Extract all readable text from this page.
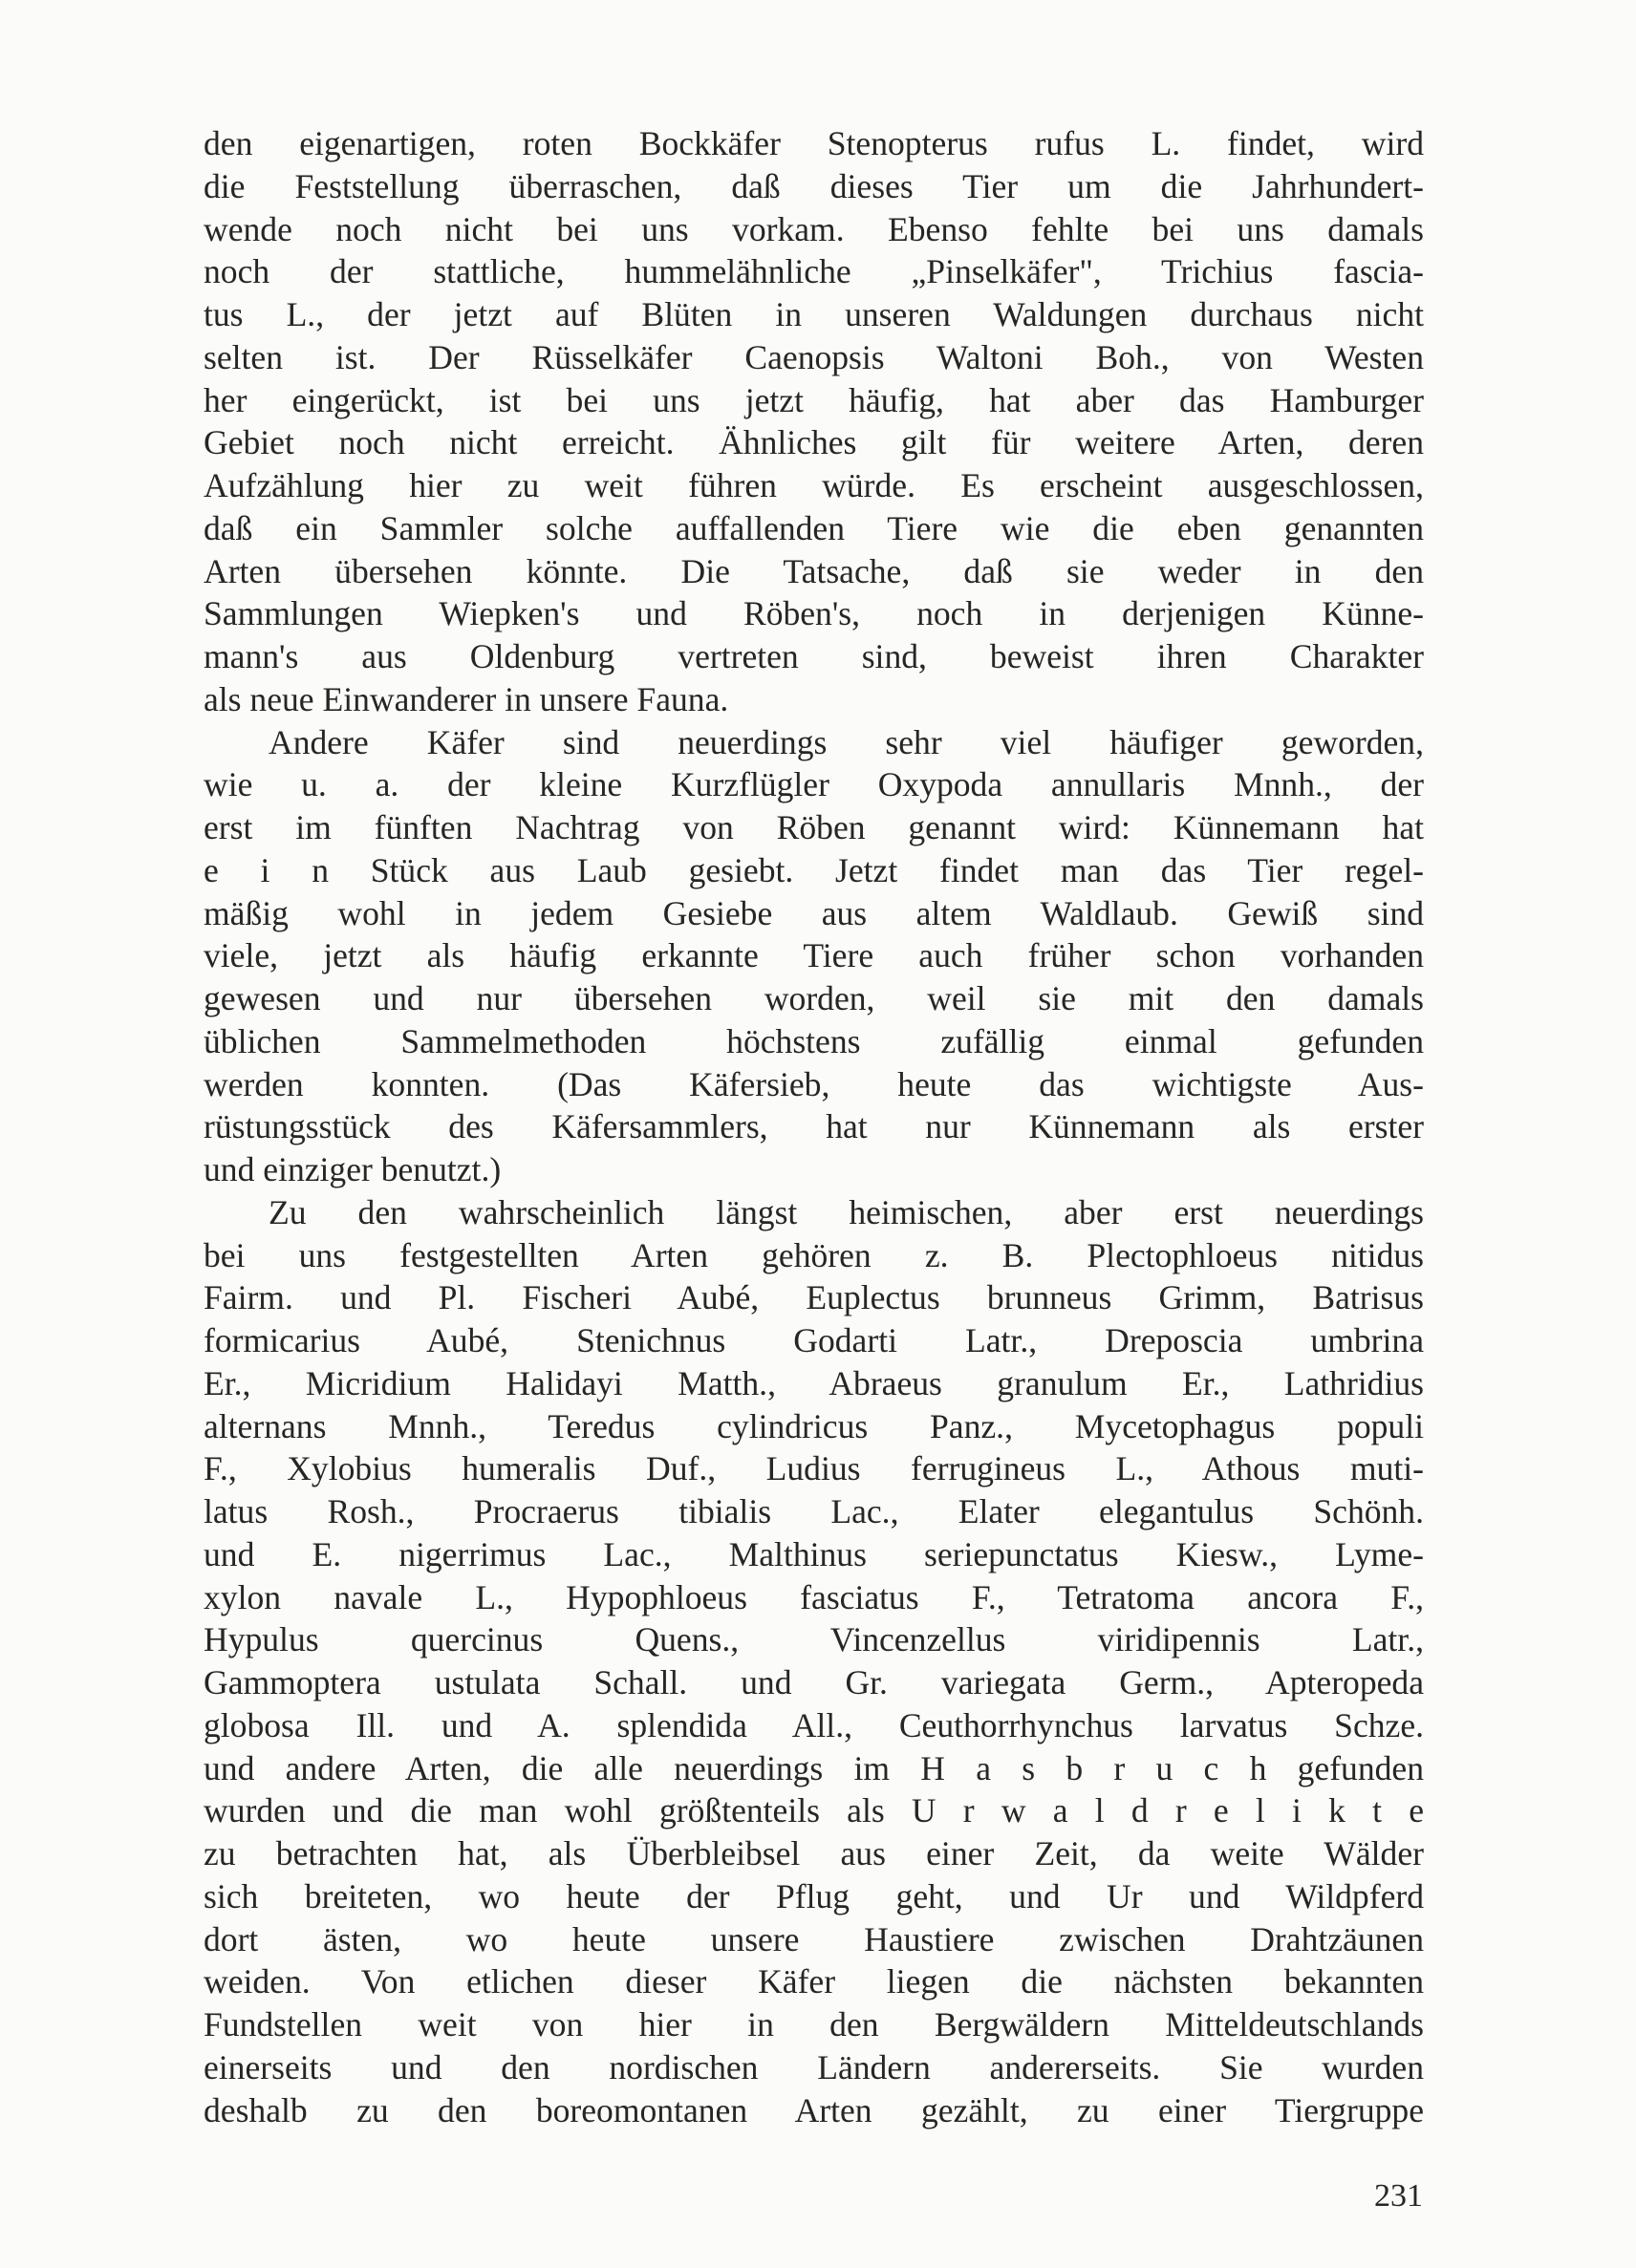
den eigenartigen, roten Bockkäfer Stenopterus rufus L. findet, wird
die Feststellung überraschen, daß dieses Tier um die Jahrhundert-
wende noch nicht bei uns vorkam. Ebenso fehlte bei uns damals
noch der stattliche, hummelähnliche „Pinselkäfer", Trichius fascia-
tus L., der jetzt auf Blüten in unseren Waldungen durchaus nicht
selten ist. Der Rüsselkäfer Caenopsis Waltoni Boh., von Westen
her eingerückt, ist bei uns jetzt häufig, hat aber das Hamburger
Gebiet noch nicht erreicht. Ähnliches gilt für weitere Arten, deren
Aufzählung hier zu weit führen würde. Es erscheint ausgeschlossen,
daß ein Sammler solche auffallenden Tiere wie die eben genannten
Arten übersehen könnte. Die Tatsache, daß sie weder in den
Sammlungen Wiepken's und Röben's, noch in derjenigen Künne-
mann's aus Oldenburg vertreten sind, beweist ihren Charakter
als neue Einwanderer in unsere Fauna.
Andere Käfer sind neuerdings sehr viel häufiger geworden,
wie u. a. der kleine Kurzflügler Oxypoda annullaris Mnnh., der
erst im fünften Nachtrag von Röben genannt wird: Künnemann hat
e i n Stück aus Laub gesiebt. Jetzt findet man das Tier regel-
mäßig wohl in jedem Gesiebe aus altem Waldlaub. Gewiß sind
viele, jetzt als häufig erkannte Tiere auch früher schon vorhanden
gewesen und nur übersehen worden, weil sie mit den damals
üblichen Sammelmethoden höchstens zufällig einmal gefunden
werden konnten. (Das Käfersieb, heute das wichtigste Aus-
rüstungsstück des Käfersammlers, hat nur Künnemann als erster
und einziger benutzt.)
Zu den wahrscheinlich längst heimischen, aber erst neuerdings
bei uns festgestellten Arten gehören z. B. Plectophloeus nitidus
Fairm. und Pl. Fischeri Aubé, Euplectus brunneus Grimm, Batrisus
formicarius Aubé, Stenichnus Godarti Latr., Dreposcia umbrina
Er., Micridium Halidayi Matth., Abraeus granulum Er., Lathridius
alternans Mnnh., Teredus cylindricus Panz., Mycetophagus populi
F., Xylobius humeralis Duf., Ludius ferrugineus L., Athous muti-
latus Rosh., Procraerus tibialis Lac., Elater elegantulus Schönh.
und E. nigerrimus Lac., Malthinus seriepunctatus Kiesw., Lyme-
xylon navale L., Hypophloeus fasciatus F., Tetratoma ancora F.,
Hypulus quercinus Quens., Vincenzellus viridipennis Latr.,
Gammoptera ustulata Schall. und Gr. variegata Germ., Apteropeda
globosa Ill. und A. splendida All., Ceuthorrhynchus larvatus Schze.
und andere Arten, die alle neuerdings im H a s b r u c h gefunden
wurden und die man wohl größtenteils als U r w a l d r e l i k t e
zu betrachten hat, als Überbleibsel aus einer Zeit, da weite Wälder
sich breiteten, wo heute der Pflug geht, und Ur und Wildpferd
dort ästen, wo heute unsere Haustiere zwischen Drahtzäunen
weiden. Von etlichen dieser Käfer liegen die nächsten bekannten
Fundstellen weit von hier in den Bergwäldern Mitteldeutschlands
einerseits und den nordischen Ländern andererseits. Sie wurden
deshalb zu den boreomontanen Arten gezählt, zu einer Tiergruppe
231
